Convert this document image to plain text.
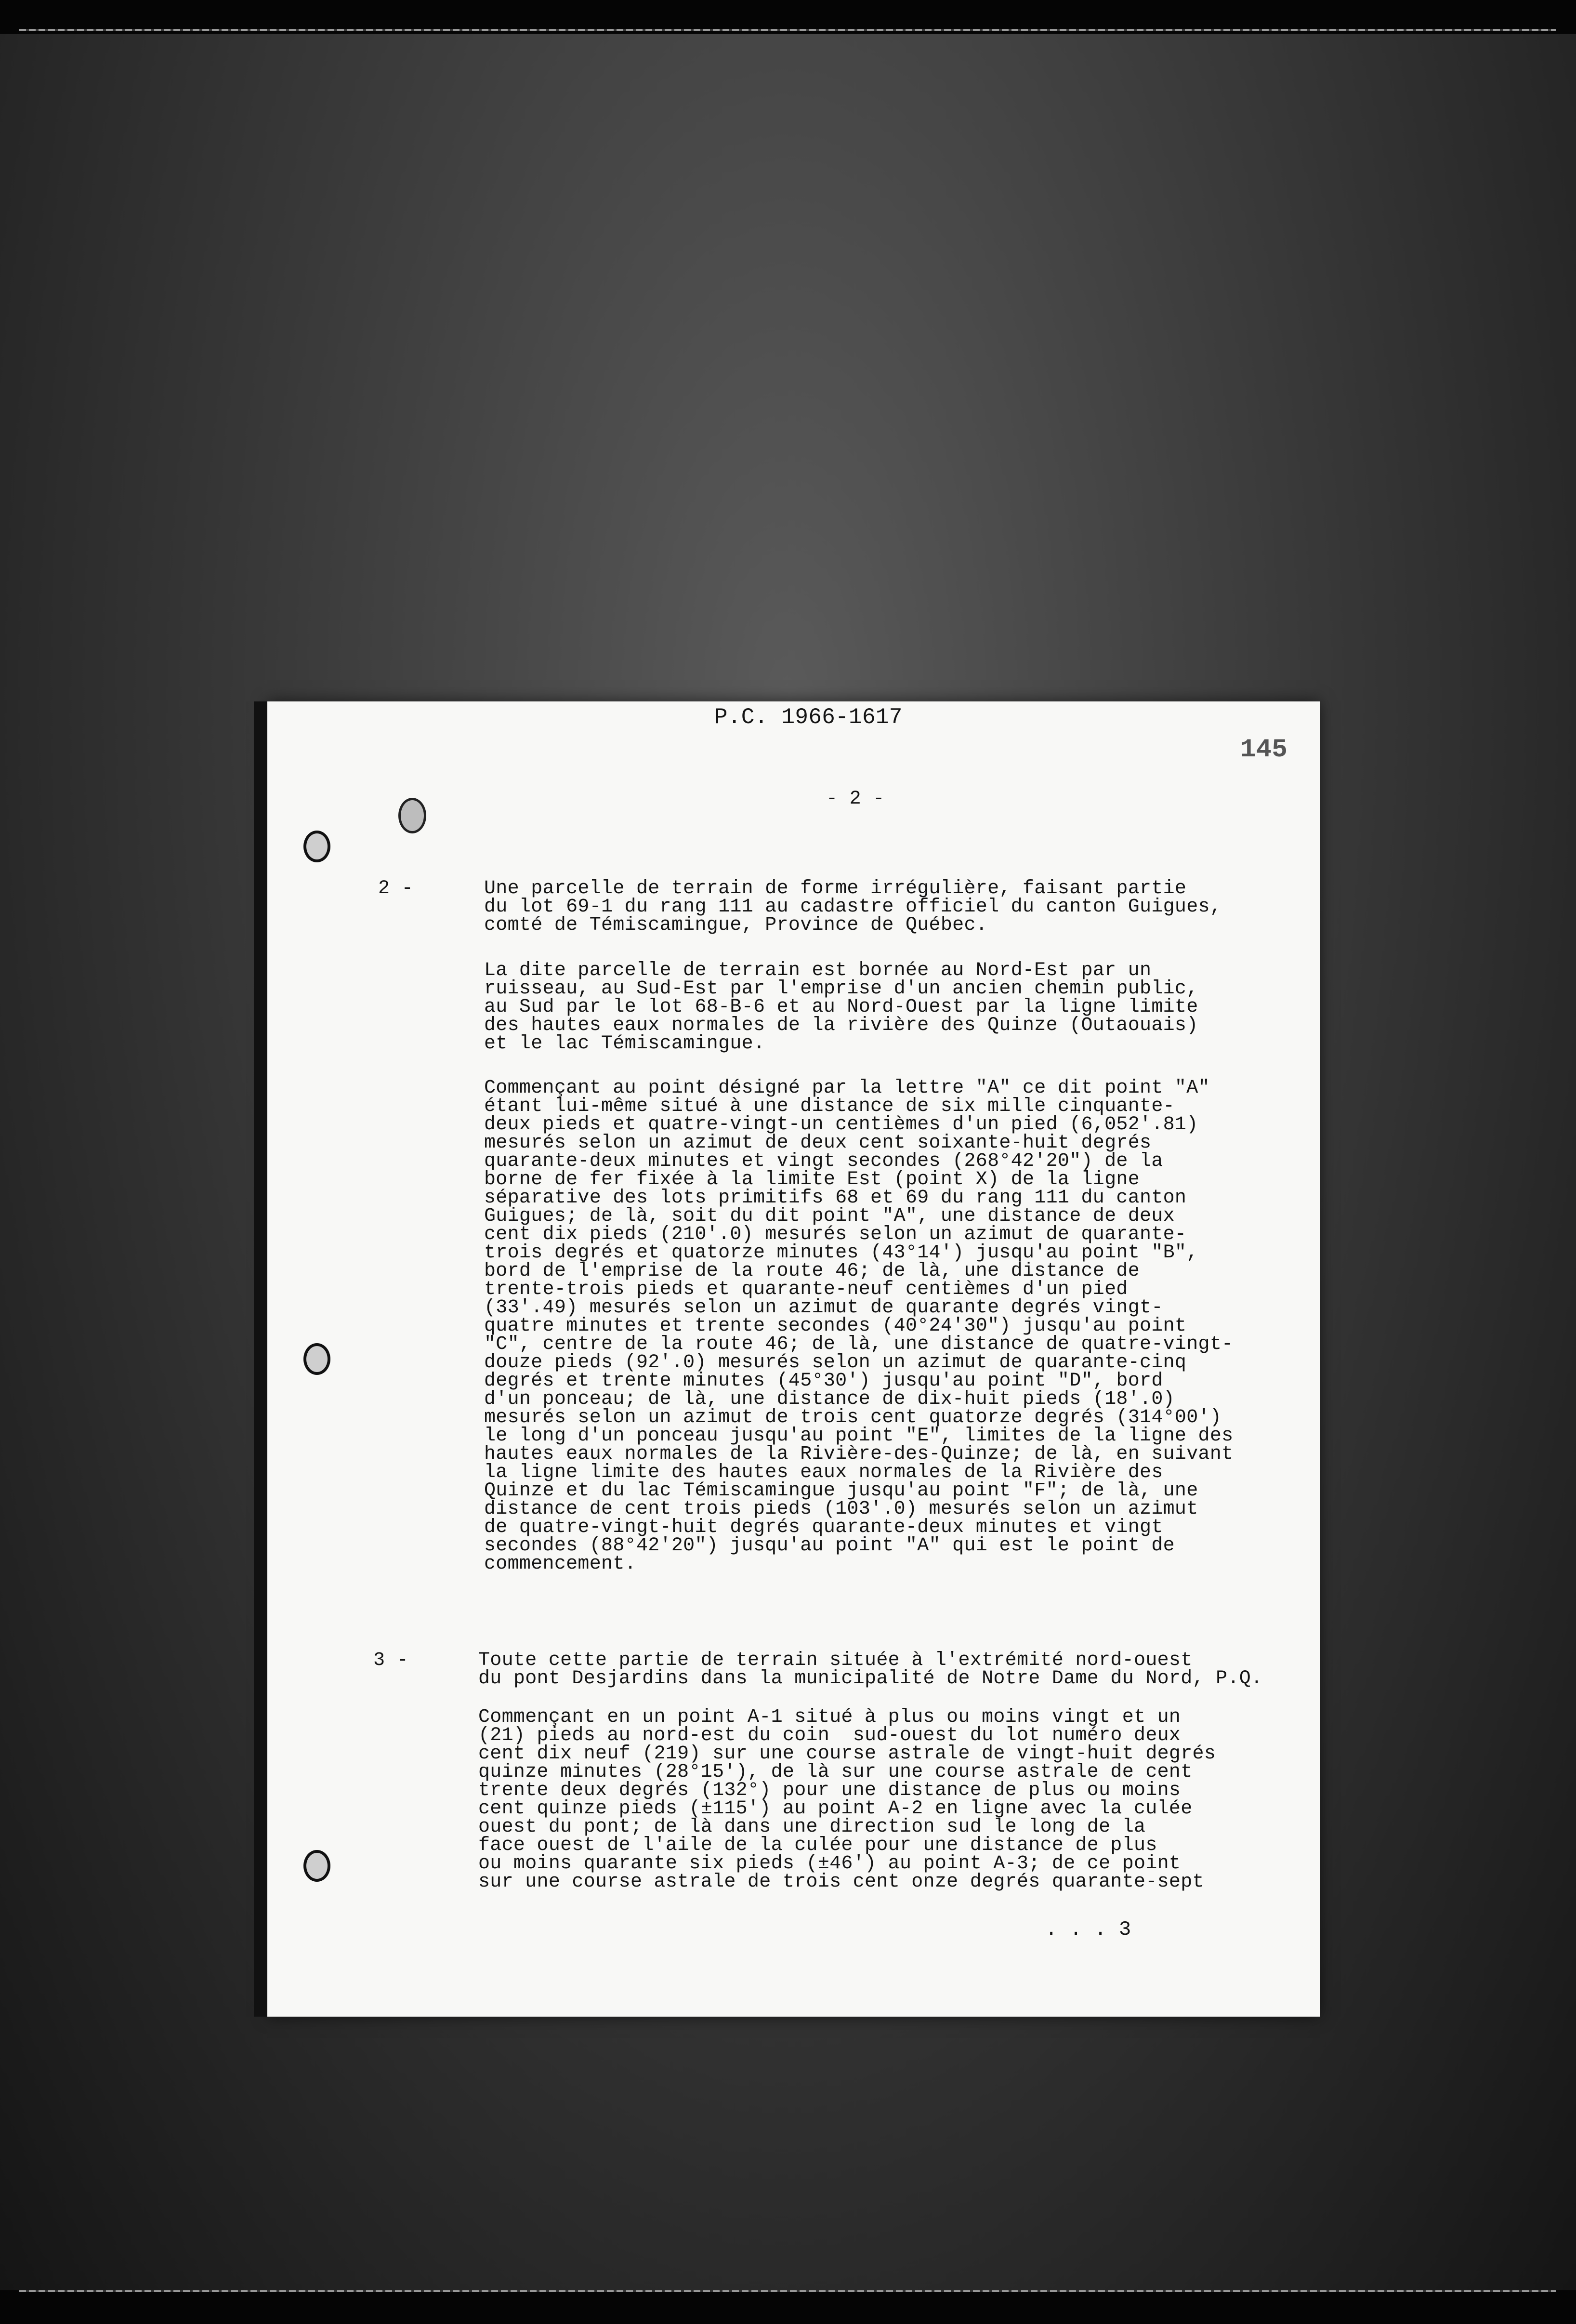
P.C. 1966-1617

145

- 2 -

2 -	Une parcelle de terrain de forme irrégulière, faisant partie
du lot 69-1 du rang 111 au cadastre officiel du canton Guigues,
comté de Témiscamingue, Province de Québec.

La dite parcelle de terrain est bornée au Nord-Est par un
ruisseau, au Sud-Est par l'emprise d'un ancien chemin public,
au Sud par le lot 68-B-6 et au Nord-Ouest par la ligne limite
des hautes eaux normales de la rivière des Quinze (Outaouais)
et le lac Témiscamingue.

Commençant au point désigné par la lettre "A" ce dit point "A"
étant lui-même situé à une distance de six mille cinquante-
deux pieds et quatre-vingt-un centièmes d'un pied (6,052'.81)
mesurés selon un azimut de deux cent soixante-huit degrés
quarante-deux minutes et vingt secondes (268°42'20") de la
borne de fer fixée à la limite Est (point X) de la ligne
séparative des lots primitifs 68 et 69 du rang 111 du canton
Guigues; de là, soit du dit point "A", une distance de deux
cent dix pieds (210'.0) mesurés selon un azimut de quarante-
trois degrés et quatorze minutes (43°14') jusqu'au point "B",
bord de l'emprise de la route 46; de là, une distance de
trente-trois pieds et quarante-neuf centièmes d'un pied
(33'.49) mesurés selon un azimut de quarante degrés vingt-
quatre minutes et trente secondes (40°24'30") jusqu'au point
"C", centre de la route 46; de là, une distance de quatre-vingt-
douze pieds (92'.0) mesurés selon un azimut de quarante-cinq
degrés et trente minutes (45°30') jusqu'au point "D", bord
d'un ponceau; de là, une distance de dix-huit pieds (18'.0)
mesurés selon un azimut de trois cent quatorze degrés (314°00')
le long d'un ponceau jusqu'au point "E", limites de la ligne des
hautes eaux normales de la Rivière-des-Quinze; de là, en suivant
la ligne limite des hautes eaux normales de la Rivière des
Quinze et du lac Témiscamingue jusqu'au point "F"; de là, une
distance de cent trois pieds (103'.0) mesurés selon un azimut
de quatre-vingt-huit degrés quarante-deux minutes et vingt
secondes (88°42'20") jusqu'au point "A" qui est le point de
commencement.

3 -	Toute cette partie de terrain située à l'extrémité nord-ouest
du pont Desjardins dans la municipalité de Notre Dame du Nord, P.Q.

Commençant en un point A-1 situé à plus ou moins vingt et un
(21) pieds au nord-est du coin  sud-ouest du lot numéro deux
cent dix neuf (219) sur une course astrale de vingt-huit degrés
quinze minutes (28°15'), de là sur une course astrale de cent
trente deux degrés (132°) pour une distance de plus ou moins
cent quinze pieds (±115') au point A-2 en ligne avec la culée
ouest du pont; de là dans une direction sud le long de la
face ouest de l'aile de la culée pour une distance de plus
ou moins quarante six pieds (±46') au point A-3; de ce point
sur une course astrale de trois cent onze degrés quarante-sept

. . . 3
